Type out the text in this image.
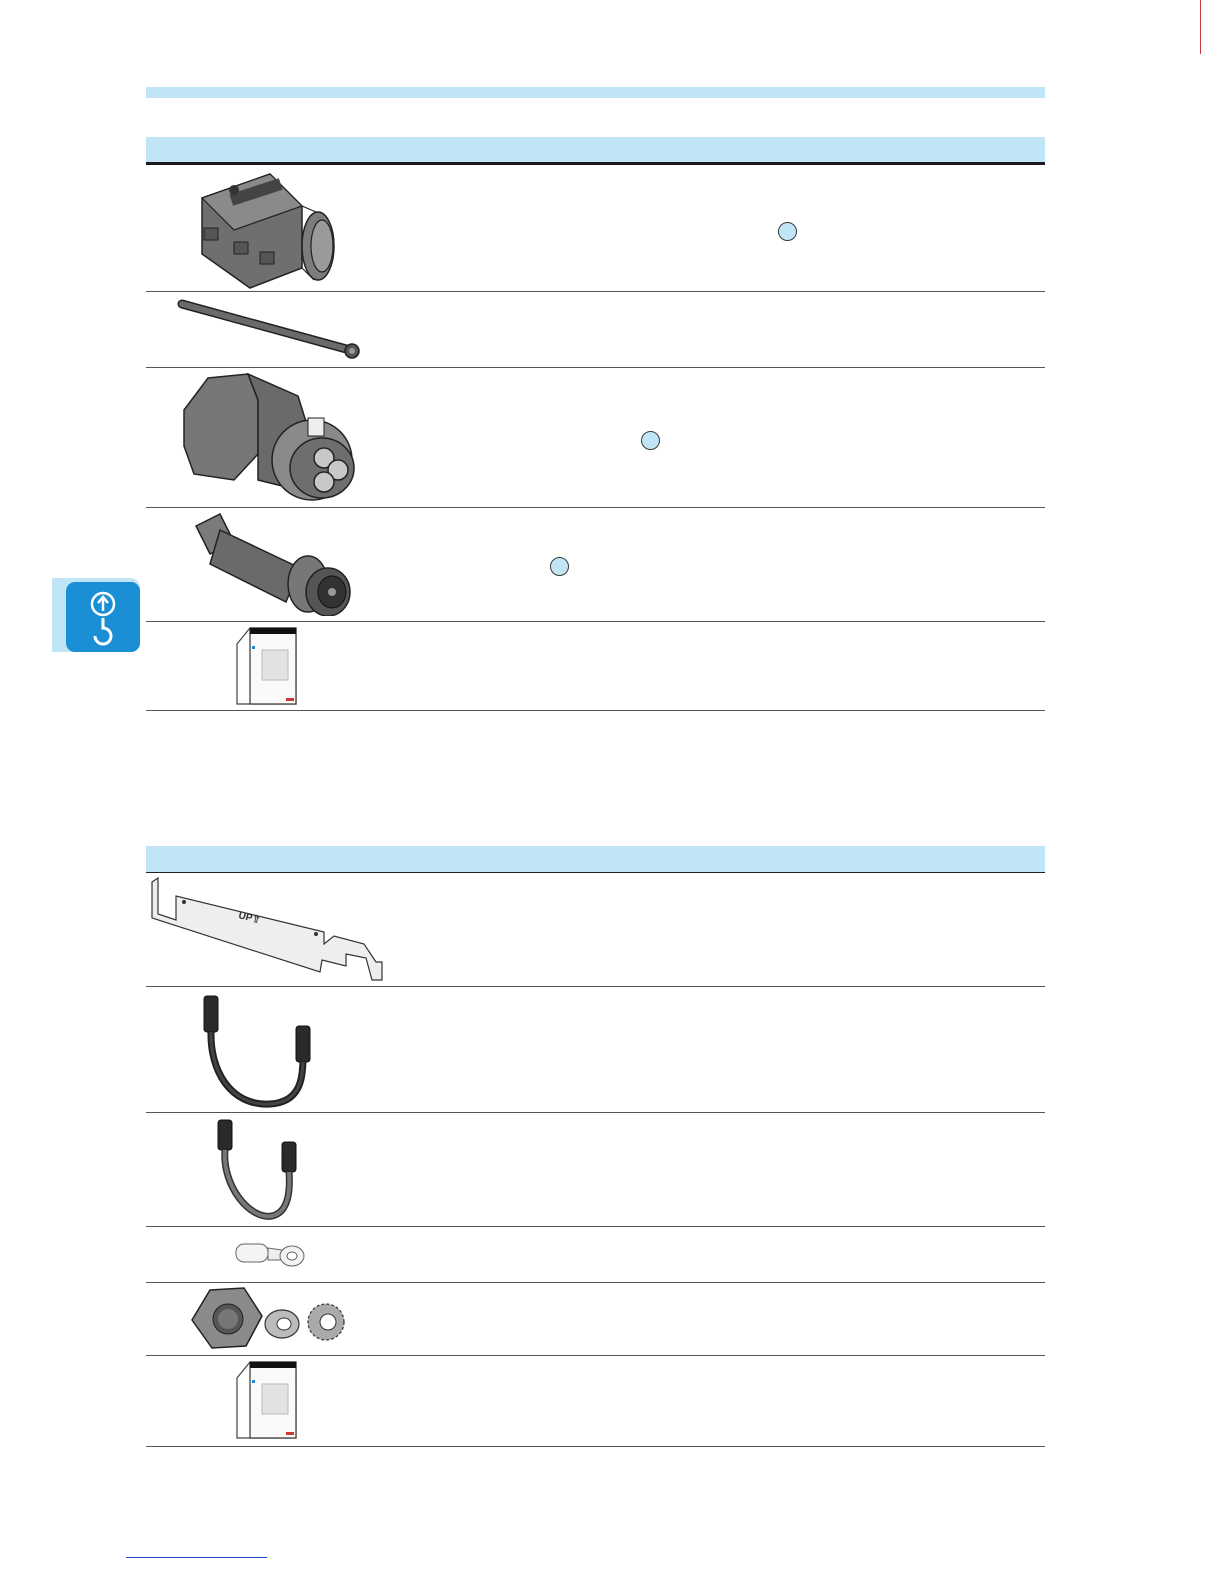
UP⇧
